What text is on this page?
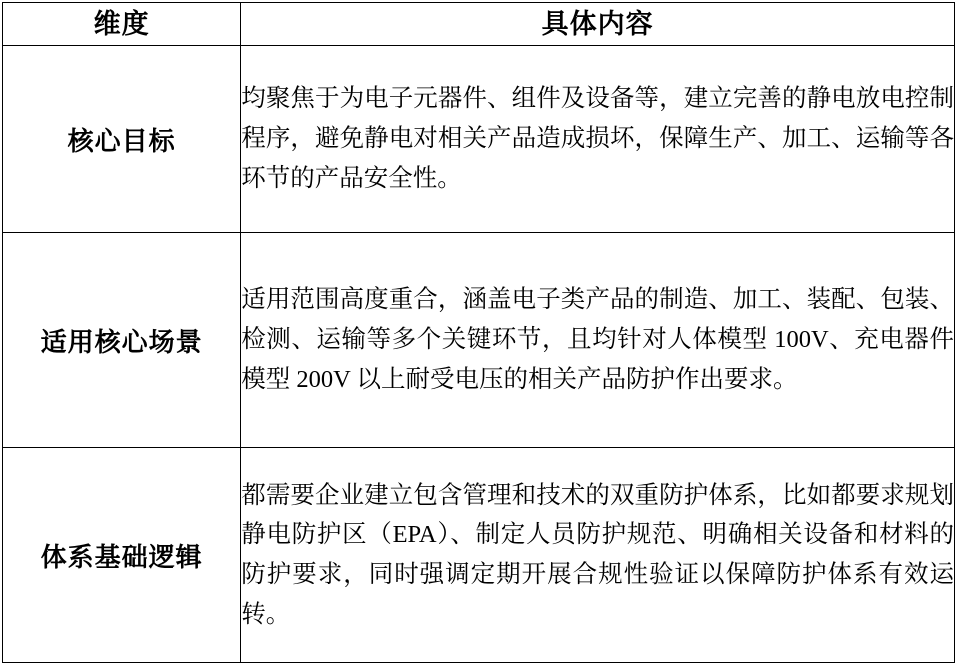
维度	具体内容
核心目标	均聚焦于为电子元器件、组件及设备等，建立完善的静电放电控制程序，避免静电对相关产品造成损坏，保障生产、加工、运输等各环节的产品安全性。

适用核心场景	适用范围高度重合，涵盖电子类产品的制造、加工、装配、包装、检测、运输等多个关键环节，且均针对人体模型 100V、充电器件模型 200V 以上耐受电压的相关产品防护作出要求。

体系基础逻辑	都需要企业建立包含管理和技术的双重防护体系，比如都要求规划静电防护区（EPA）、制定人员防护规范、明确相关设备和材料的防护要求，同时强调定期开展合规性验证以保障防护体系有效运转。
